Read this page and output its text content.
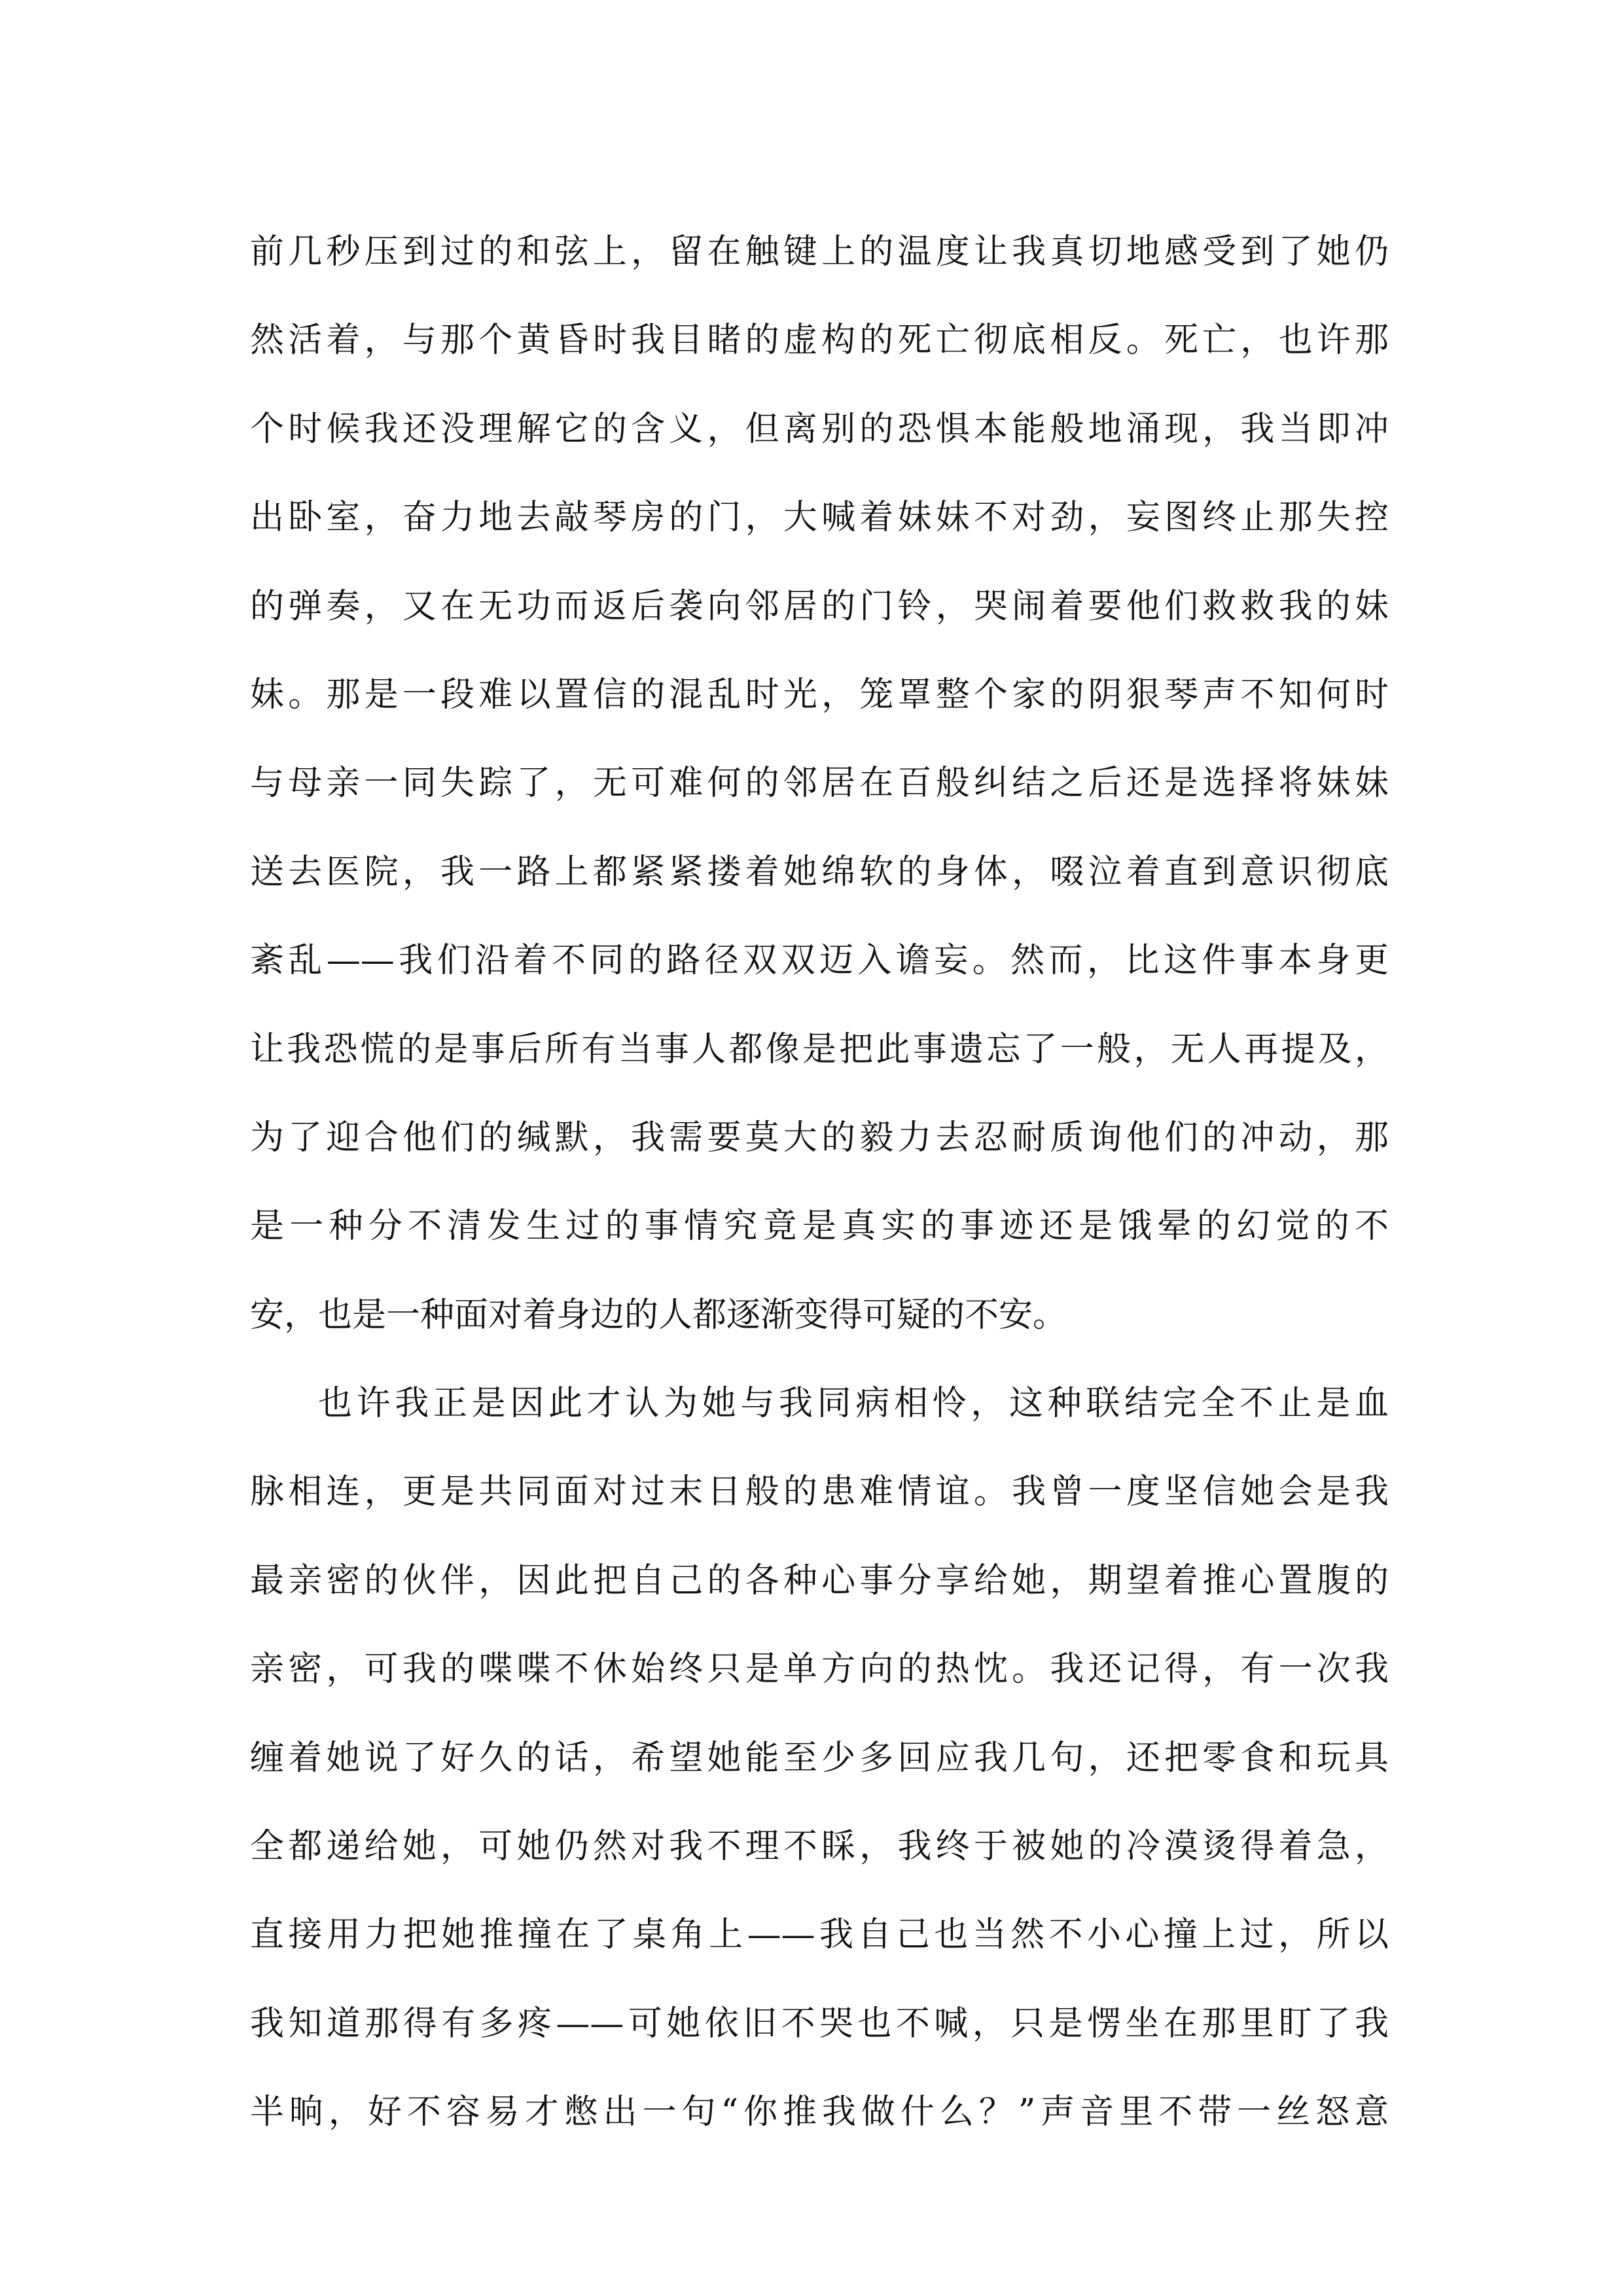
前几秒压到过的和弦上，留在触键上的温度让我真切地感受到了她仍
然活着，与那个黄昏时我目睹的虚构的死亡彻底相反。死亡，也许那
个时候我还没理解它的含义，但离别的恐惧本能般地涌现，我当即冲
出卧室，奋力地去敲琴房的门，大喊着妹妹不对劲，妄图终止那失控
的弹奏，又在无功而返后袭向邻居的门铃，哭闹着要他们救救我的妹
妹。那是一段难以置信的混乱时光，笼罩整个家的阴狠琴声不知何时
与母亲一同失踪了，无可难何的邻居在百般纠结之后还是选择将妹妹
送去医院，我一路上都紧紧搂着她绵软的身体，啜泣着直到意识彻底
紊乱——我们沿着不同的路径双双迈入谵妄。然而，比这件事本身更
让我恐慌的是事后所有当事人都像是把此事遗忘了一般，无人再提及，
为了迎合他们的缄默，我需要莫大的毅力去忍耐质询他们的冲动，那
是一种分不清发生过的事情究竟是真实的事迹还是饿晕的幻觉的不
安，也是一种面对着身边的人都逐渐变得可疑的不安。
也许我正是因此才认为她与我同病相怜，这种联结完全不止是血
脉相连，更是共同面对过末日般的患难情谊。我曾一度坚信她会是我
最亲密的伙伴，因此把自己的各种心事分享给她，期望着推心置腹的
亲密，可我的喋喋不休始终只是单方向的热忱。我还记得，有一次我
缠着她说了好久的话，希望她能至少多回应我几句，还把零食和玩具
全都递给她，可她仍然对我不理不睬，我终于被她的冷漠烫得着急，
直接用力把她推撞在了桌角上——我自己也当然不小心撞上过，所以
我知道那得有多疼——可她依旧不哭也不喊，只是愣坐在那里盯了我
半晌，好不容易才憋出一句“你推我做什么？”声音里不带一丝怒意
